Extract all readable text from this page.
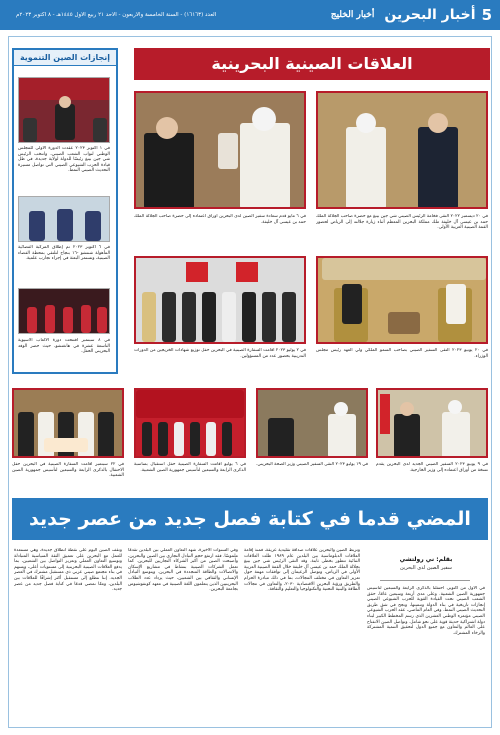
5
أخبار البحرين
أخبار الخليج
العدد (١٦١٦٣) - السنة الخامسة والأربعون - الأحد ٢١ ربيع الأول ١٤٤٥هـ - ٨ أكتوبر ٢٠٢٣م
إنجازات الصين التنموية
في ١ أكتوبر ٢٠٢٣ عقدت الدورة الأولى للمجلس الوطني لنواب الشعب الصيني، وانتخب الرئيس شي جين بينغ رئيسًا للدولة لولاية جديدة، في ظل قيادة الحزب الشيوعي الصيني التي تواصل مسيرة التحديث الصيني النمط.
في ٦ أكتوبر ٢٠٢٣ تم إطلاق المركبة الفضائية المأهولة شنتشو -١٦ بنجاح لتلتقي بمحطة الفضاء الصينية، وتستمر البعثة في إجراء تجارب علمية.
في ٨ سبتمبر افتتحت دورة الألعاب الآسيوية التاسعة عشرة في هانغتشو، حيث حضر الوفد البحريني الحفل.
العلاقات الصينية البحرينية
في ٢٠ ديسمبر ٢٠٢٢ التقى فخامة الرئيس الصيني شي جين بينغ مع حضرة صاحب الجلالة الملك حمد بن عيسى آل خليفة ملك مملكة البحرين المعظم أثناء زيارة جلالته إلى الرياض لحضور القمة الصينية العربية الأولى.
في ٦ مايو قدم سعادة سفير الصين لدى البحرين أوراق اعتماده إلى حضرة صاحب الجلالة الملك حمد بن عيسى آل خليفة.
في ٢٠ يونيو ٢٠٢٣ التقى السفير الصيني بصاحب السمو الملكي ولي العهد رئيس مجلس الوزراء.
في ٢ يوليو ٢٠٢٣ أقامت السفارة الصينية في البحرين حفل توزيع شهادات الخريجين من الدورات التدريبية بحضور عدد من المسؤولين.
في ٩ يونيو ٢٠٢٣ السفير الصيني الجديد لدى البحرين يقدم نسخة من أوراق اعتماده إلى وزير الخارجية.
في ١٩ يوليو ٢٠٢٣ التقى السفير الصيني وزير الصحة البحريني.
في ٦ يوليو أقامت السفارة الصينية حفل استقبال بمناسبة الذكرى الرابعة والسبعين لتأسيس جمهورية الصين الشعبية.
في ٢٢ سبتمبر أقامت السفارة الصينية في البحرين حفل الاحتفال بالذكرى الرابعة والسبعين لتأسيس جمهورية الصين الشعبية.
المضي قدما في كتابة فصل جديد من عصر جديد
بقلم: ني رولتشي
سفير الصين لدى البحرين
في الأول من أكتوبر، احتفلنا بالذكرى الرابعة والسبعين لتأسيس جمهورية الصين الشعبية. وعلى مدى أربعة وسبعين عامًا، حقق الشعب الصيني تحت القيادة القوية للحزب الشيوعي الصيني إنجازات تاريخية في بناء الدولة وتنميتها، ونجح في شق طريق التحديث الصيني النمط. وفي العام الماضي، عقد الحزب الشيوعي الصيني مؤتمره الوطني العشرين الذي رسم المخطط الكبير لبناء دولة اشتراكية حديثة قوية على نحو شامل. وتواصل الصين الانفتاح على العالم والتعاون مع جميع الدول لتحقيق التنمية المشتركة والرخاء المشترك.
وتربط الصين والبحرين علاقات صداقة تقليدية عريقة، فمنذ إقامة العلاقات الدبلوماسية بين البلدين عام ١٩٨٩ ظلت العلاقات الثنائية تتطور بخطى ثابتة. وقد التقى الرئيس شي جين بينغ بجلالة الملك حمد بن عيسى آل خليفة خلال القمة الصينية العربية الأولى في الرياض، وتوصل الزعيمان إلى توافقات مهمة حول تعزيز التعاون في مختلف المجالات، بما في ذلك مبادرة الحزام والطريق ورؤية البحرين الاقتصادية ٢٠٣٠، والتعاون في مجالات الطاقة والبنية التحتية والتكنولوجيا والتعليم والثقافة.
وفي السنوات الأخيرة، شهد التعاون العملي بين البلدين تقدمًا ملموسًا. فقد ارتفع حجم التبادل التجاري بين الصين والبحرين، وأصبحت الصين من أكبر الشركاء التجاريين للبحرين. كما تعمل الشركات الصينية بنشاط في مشاريع الإسكان والاتصالات والطاقة المتجددة في البحرين. ويتوسع التبادل الإنساني والثقافي بين الشعبين، حيث يزداد عدد الطلاب البحرينيين الذين يتعلمون اللغة الصينية في معهد كونفوشيوس بجامعة البحرين.
وتقف الصين اليوم على نقطة انطلاق جديدة، وهي مستعدة للعمل مع البحرين على تعميق الثقة السياسية المتبادلة وتوسيع التعاون العملي وتعزيز التواصل بين الشعبين، بما يدفع العلاقات الصينية البحرينية إلى مستويات أعلى، ويسهم في بناء مجتمع صيني عربي ذي مستقبل مشترك في العصر الجديد. إننا نتطلع إلى مستقبل أكثر إشراقًا للعلاقات بين البلدين، ومعًا نمضي قدمًا في كتابة فصل جديد من عصر جديد.
